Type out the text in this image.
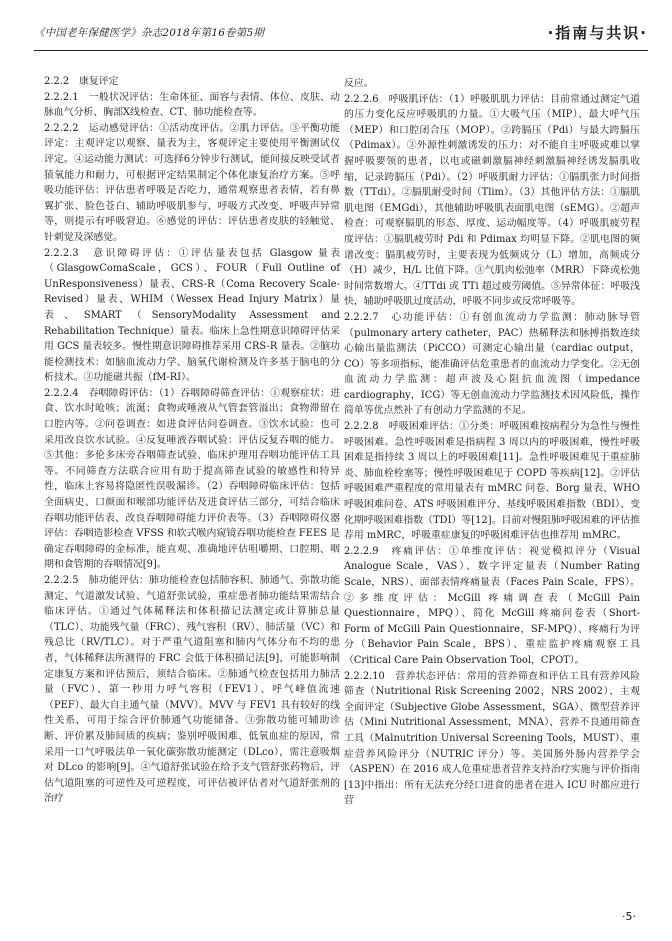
《中国老年保健医学》杂志2018年第16卷第5期	·指南与共识·

2.2.2　康复评定

2.2.2.1　一般状况评估：生命体征、面容与表情、体位、皮肤、动脉血气分析、胸部X线检查、CT、肺功能检查等。

2.2.2.2　运动感觉评估：①活动度评估。②肌力评估。③平衡功能评定：主观评定以观察、量表为主，客观评定主要使用平衡测试仪评定。④运动能力测试：可选择6分钟步行测试，能间接反映受试者猿氧能力和耐力，可根据评定结果制定个体化康复治疗方案。⑤呼吸功能评估：评估患者呼吸是否吃力，通常观察患者表情，若有鼻翼扩张、脸色苍白、辅助呼吸肌参与、呼吸方式改变、呼吸声异常等，则提示有呼吸窘迫。⑥感觉的评估：评估患者皮肤的轻触觉、针刺觉及深感觉。

2.2.2.3　意识障碍评估：①评估量表包括 Glasgow 量表（GlasgowComaScale，GCS）、FOUR（Full Outline of UnResponsiveness）量表、CRS-R（Coma Recovery Scale-Revised）量表、WHIM（Wessex Head Injury Matrix）量表、SMART（SensoryModality Assessment and Rehabilitation Technique）量表。临床上急性期意识障碍评估采用 GCS 量表较多。慢性期意识障碍推荐采用 CRS-R 量表。②脑功能检测技术：如脑血流动力学、脑氧代谢检测及许多基于脑电的分析技术。③功能磁共振（fM-RI）。

2.2.2.4　吞咽障碍评估：（1）吞咽障碍筛查评估：①观察症状：进食、饮水时呛咳；流涎；食物或唾液从气管套管溢出；食物滞留在口腔内等。②问卷调查：如进食评估问卷调查。③饮水试验：也可采用改良饮水试验。④反复唾液吞咽试验：评估反复吞咽的能力。⑤其他：多伦多床旁吞咽筛查试验、临床护理用吞咽功能评估工具等。不同筛查方法联合应用有助于提高筛查试验的敏感性和特异性，临床上容易将隐匿性误吸漏诊。（2）吞咽障碍临床评估：包括全面病史、口颜面和喉部功能评估及进食评估三部分，可结合临床吞咽功能评估表、改良吞咽障碍能力评价表等。（3）吞咽障碍仪器评估：吞咽造影检查 VFSS 和软式喉内窥镜吞咽功能检查 FEES 是确定吞咽障碍的金标准，能直观、准确地评估咀嚼期、口腔期、咽期和食管期的吞咽情况[9]。

2.2.2.5　肺功能评估：肺功能检查包括肺容积、肺通气、弥散功能测定、气道激发试验、气道舒张试验，重症患者肺功能结果需结合临床评估。①通过气体稀释法和体积描记法测定或计算肺总量（TLC）、功能残气量（FRC）、残气容积（RV）、肺活量（VC）和残总比（RV/TLC）。对于严重气道阻塞和肺内气体分布不均的患者，气体稀释法所测得的 FRC 会低于体积描记法[9]，可能影响制定康复方案和评估预后，须结合临床。②肺通气检查包括用力肺活量（FVC）、第一秒用力呼气容积（FEV1）、呼气峰值流速（PEF）、最大自主通气量（MVV）。MVV 与 FEV1 具有较好的线性关系，可用于综合评价肺通气功能储备。③弥散功能可辅助诊断、评价累及肺间质的疾病；鉴别呼吸困难、低氧血症的原因，常采用一口气呼吸法单一氧化碳弥散功能测定（DLco），需注意吸烟对 DLco 的影响[9]。④气道舒张试验在给予支气管舒张药物后，评估气道阻塞的可逆性及可逆程度，可评估被评估者对气道舒张剂的治疗

反应。

2.2.2.6　呼吸肌评估：（1）呼吸肌肌力评估：目前常通过测定气道的压力变化反应呼吸肌的力量。①大吸气压（MIP）、最大呼气压（MEP）和口腔闭合压（MOP）。②跨膈压（Pdi）与最大跨膈压（Pdimax）。③外源性刺激诱发的压力：对不能自主呼吸或难以掌握呼吸要领的患者，以电或磁刺激膈神经刺激膈神经诱发膈肌收缩，记录跨膈压（Pdi）。（2）呼吸肌耐力评估：①膈肌张力时间指数（TTdi）。②膈肌耐受时间（Tlim）。（3）其他评估方法：①膈肌肌电图（EMGdi），其他辅助呼吸肌表面肌电图（sEMG）。②超声检查：可观察膈肌的形态、厚度、运动幅度等。（4）呼吸肌疲劳程度评估：①膈肌疲劳时 Pdi 和 Pdimax 均明显下降。②肌电图的频谱改变：膈肌疲劳时，主要表现为低频成分（L）增加，高频成分（H）减少，H/L 比值下降。③气肌肉松弛率（MRR）下降或松弛时间常数增大。④TTdi 或 TTi 超过疲劳阈值。⑤异常体征：呼吸浅快，辅助呼吸肌过度活动，呼吸不同步或反常呼吸等。

2.2.2.7　心功能评估：①有创血流动力学监测：肺动脉导管（pulmonary artery catheter，PAC）热稀释法和脉搏指数连续心输出量监测法（PiCCO）可测定心输出量（cardiac output，CO）等多项指标，能准确评估危重患者的血流动力学变化。②无创血流动力学监测：超声波及心阻抗血流图（impedance cardiography，ICG）等无创血流动力学监测技术因风险低，操作简单等优点然补了有创动力学监测的不足。

2.2.2.8　呼吸困难评估：①分类：呼吸困难按病程分为急性与慢性呼吸困难。急性呼吸困难是指病程 3 周以内的呼吸困难，慢性呼吸困难是指持续 3 周以上的呼吸困难[11]。急性呼吸困难见于重症肺炎、肺血栓栓塞等；慢性呼吸困难见于 COPD 等疾病[12]。②评估呼吸困难严重程度的常用量表有 mMRC 问卷、Borg 量表、WHO 呼吸困难问卷、ATS 呼吸困难评分、基线呼吸困难指数（BDI）、变化期呼吸困难指数（TDI）等[12]。目前对慢阻肺呼吸困难的评估推荐用 mMRC，呼吸重症康复的呼吸困难评估也推荐用 mMRC。

2.2.2.9　疼痛评估：①单维度评估：视觉模拟评分（Visual Analogue Scale，VAS）、数字评定量表（Number Rating Scale，NRS）、面部表情疼痛量表（Faces Pain Scale，FPS）。②多维度评估：McGill 疼痛调查表（McGill Pain Questionnaire，MPQ）、简化 McGill 疼痛问卷表（Short-Form of McGill Pain Questionnaire，SF-MPQ）、疼痛行为评分（Behavior Pain Scale，BPS）、重症监护疼痛观察工具（Critical Care Pain Observation Tool，CPOT）。

2.2.2.10　营养状态评估：常用的营养筛查和评估工具有营养风险筛查（Nutritional Risk Screening 2002，NRS 2002）、主观全面评定（Subjective Globe Assessment，SGA）、微型营养评估（Mini Nutritional Assessment，MNA）、营养不良通用筛查工具（Malnutrition Universal Screening Tools，MUST）、重症营养风险评分（NUTRIC 评分）等。美国肠外肠内营养学会（ASPEN）在 2016 成人危重症患者营养支持治疗实施与评价指南[13]中指出：所有无法充分经口进食的患者在进入 ICU 时都应进行营

·5·
